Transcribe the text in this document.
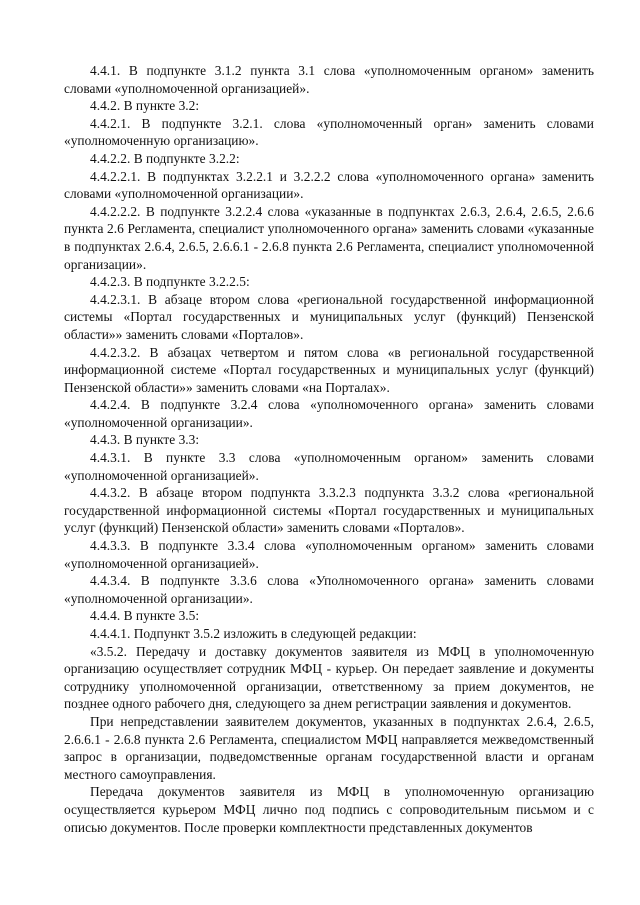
4.4.1. В подпункте 3.1.2 пункта 3.1 слова «уполномоченным органом» заменить словами «уполномоченной организацией».

4.4.2. В пункте 3.2:

4.4.2.1. В подпункте 3.2.1. слова «уполномоченный орган» заменить словами «уполномоченную организацию».

4.4.2.2. В подпункте 3.2.2:

4.4.2.2.1. В подпунктах 3.2.2.1 и 3.2.2.2 слова «уполномоченного органа» заменить словами «уполномоченной организации».

4.4.2.2.2. В подпункте 3.2.2.4 слова «указанные в подпунктах 2.6.3, 2.6.4, 2.6.5, 2.6.6 пункта 2.6 Регламента, специалист уполномоченного органа» заменить словами «указанные в подпунктах 2.6.4, 2.6.5, 2.6.6.1 - 2.6.8 пункта 2.6 Регламента, специалист уполномоченной организации».

4.4.2.3. В подпункте 3.2.2.5:

4.4.2.3.1. В абзаце втором слова «региональной государственной информационной системы «Портал государственных и муниципальных услуг (функций) Пензенской области»» заменить словами «Порталов».

4.4.2.3.2. В абзацах четвертом и пятом слова «в региональной государственной информационной системе «Портал государственных и муниципальных услуг (функций) Пензенской области»» заменить словами «на Порталах».

4.4.2.4. В подпункте 3.2.4 слова «уполномоченного органа» заменить словами «уполномоченной организации».

4.4.3. В пункте 3.3:

4.4.3.1. В пункте 3.3 слова «уполномоченным органом» заменить словами «уполномоченной организацией».

4.4.3.2. В абзаце втором подпункта 3.3.2.3 подпункта 3.3.2 слова «региональной государственной информационной системы «Портал государственных и муниципальных услуг (функций) Пензенской области» заменить словами «Порталов».

4.4.3.3. В подпункте 3.3.4 слова «уполномоченным органом» заменить словами «уполномоченной организацией».

4.4.3.4. В подпункте 3.3.6 слова «Уполномоченного органа» заменить словами «уполномоченной организации».

4.4.4. В пункте 3.5:

4.4.4.1. Подпункт 3.5.2 изложить в следующей редакции:

«3.5.2. Передачу и доставку документов заявителя из МФЦ в уполномоченную организацию осуществляет сотрудник МФЦ - курьер. Он передает заявление и документы сотруднику уполномоченной организации, ответственному за прием документов, не позднее одного рабочего дня, следующего за днем регистрации заявления и документов.

При непредставлении заявителем документов, указанных в подпунктах 2.6.4, 2.6.5, 2.6.6.1 - 2.6.8 пункта 2.6 Регламента, специалистом МФЦ направляется межведомственный запрос в организации, подведомственные органам государственной власти и органам местного самоуправления.

Передача документов заявителя из МФЦ в уполномоченную организацию осуществляется курьером МФЦ лично под подпись с сопроводительным письмом и с описью документов. После проверки комплектности представленных документов
